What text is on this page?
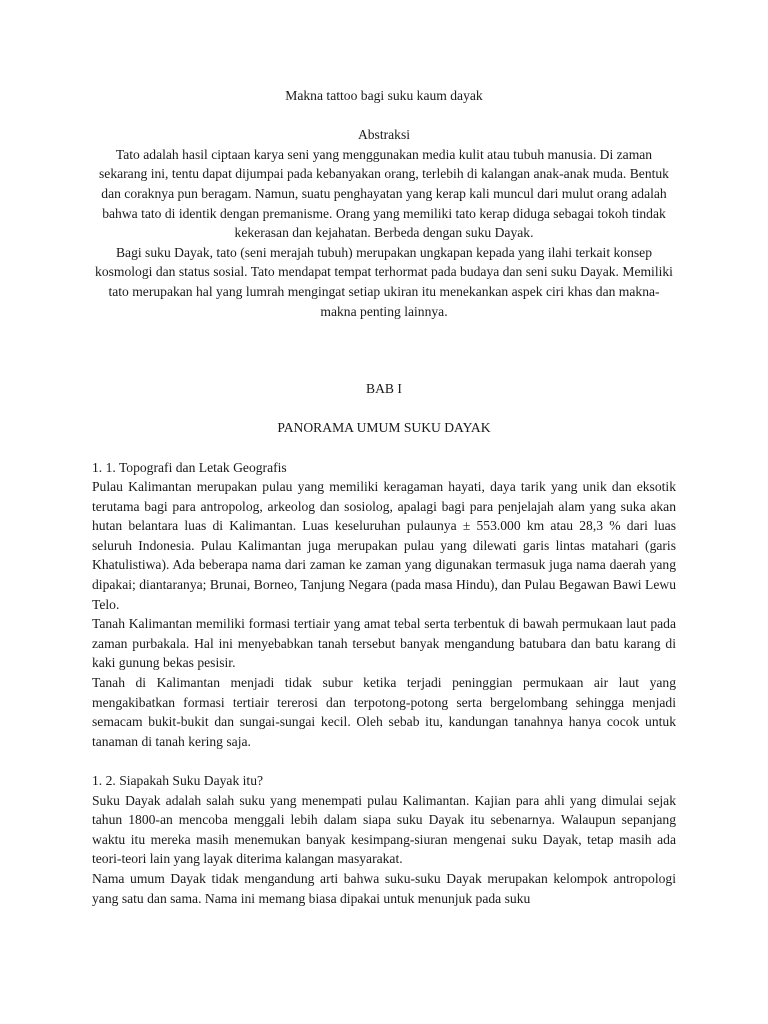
Makna tattoo bagi suku kaum dayak
Abstraksi

Tato adalah hasil ciptaan karya seni yang menggunakan media kulit atau tubuh manusia. Di zaman sekarang ini, tentu dapat dijumpai pada kebanyakan orang, terlebih di kalangan anak-anak muda. Bentuk dan coraknya pun beragam. Namun, suatu penghayatan yang kerap kali muncul dari mulut orang adalah bahwa tato di identik dengan premanisme. Orang yang memiliki tato kerap diduga sebagai tokoh tindak kekerasan dan kejahatan. Berbeda dengan suku Dayak.

Bagi suku Dayak, tato (seni merajah tubuh) merupakan ungkapan kepada yang ilahi terkait konsep kosmologi dan status sosial. Tato mendapat tempat terhormat pada budaya dan seni suku Dayak. Memiliki tato merupakan hal yang lumrah mengingat setiap ukiran itu menekankan aspek ciri khas dan makna-makna penting lainnya.

BAB I
PANORAMA UMUM SUKU DAYAK
1. 1. Topografi dan Letak Geografis

Pulau Kalimantan merupakan pulau yang memiliki keragaman hayati, daya tarik yang unik dan eksotik terutama bagi para antropolog, arkeolog dan sosiolog, apalagi bagi para penjelajah alam yang suka akan hutan belantara luas di Kalimantan. Luas keseluruhan pulaunya ± 553.000 km atau 28,3 % dari luas seluruh Indonesia. Pulau Kalimantan juga merupakan pulau yang dilewati garis lintas matahari (garis Khatulistiwa). Ada beberapa nama dari zaman ke zaman yang digunakan termasuk juga nama daerah yang dipakai; diantaranya; Brunai, Borneo, Tanjung Negara (pada masa Hindu), dan Pulau Begawan Bawi Lewu Telo.

Tanah Kalimantan memiliki formasi tertiair yang amat tebal serta terbentuk di bawah permukaan laut pada zaman purbakala. Hal ini menyebabkan tanah tersebut banyak mengandung batubara dan batu karang di kaki gunung bekas pesisir.

Tanah di Kalimantan menjadi tidak subur ketika terjadi peninggian permukaan air laut yang mengakibatkan formasi tertiair tererosi dan terpotong-potong serta bergelombang sehingga menjadi semacam bukit-bukit dan sungai-sungai kecil. Oleh sebab itu, kandungan tanahnya hanya cocok untuk tanaman di tanah kering saja.

1. 2. Siapakah Suku Dayak itu?

Suku Dayak adalah salah suku yang menempati pulau Kalimantan. Kajian para ahli yang dimulai sejak tahun 1800-an mencoba menggali lebih dalam siapa suku Dayak itu sebenarnya. Walaupun sepanjang waktu itu mereka masih menemukan banyak kesimpang-siuran mengenai suku Dayak, tetap masih ada teori-teori lain yang layak diterima kalangan masyarakat.

Nama umum Dayak tidak mengandung arti bahwa suku-suku Dayak merupakan kelompok antropologi yang satu dan sama. Nama ini memang biasa dipakai untuk menunjuk pada suku
